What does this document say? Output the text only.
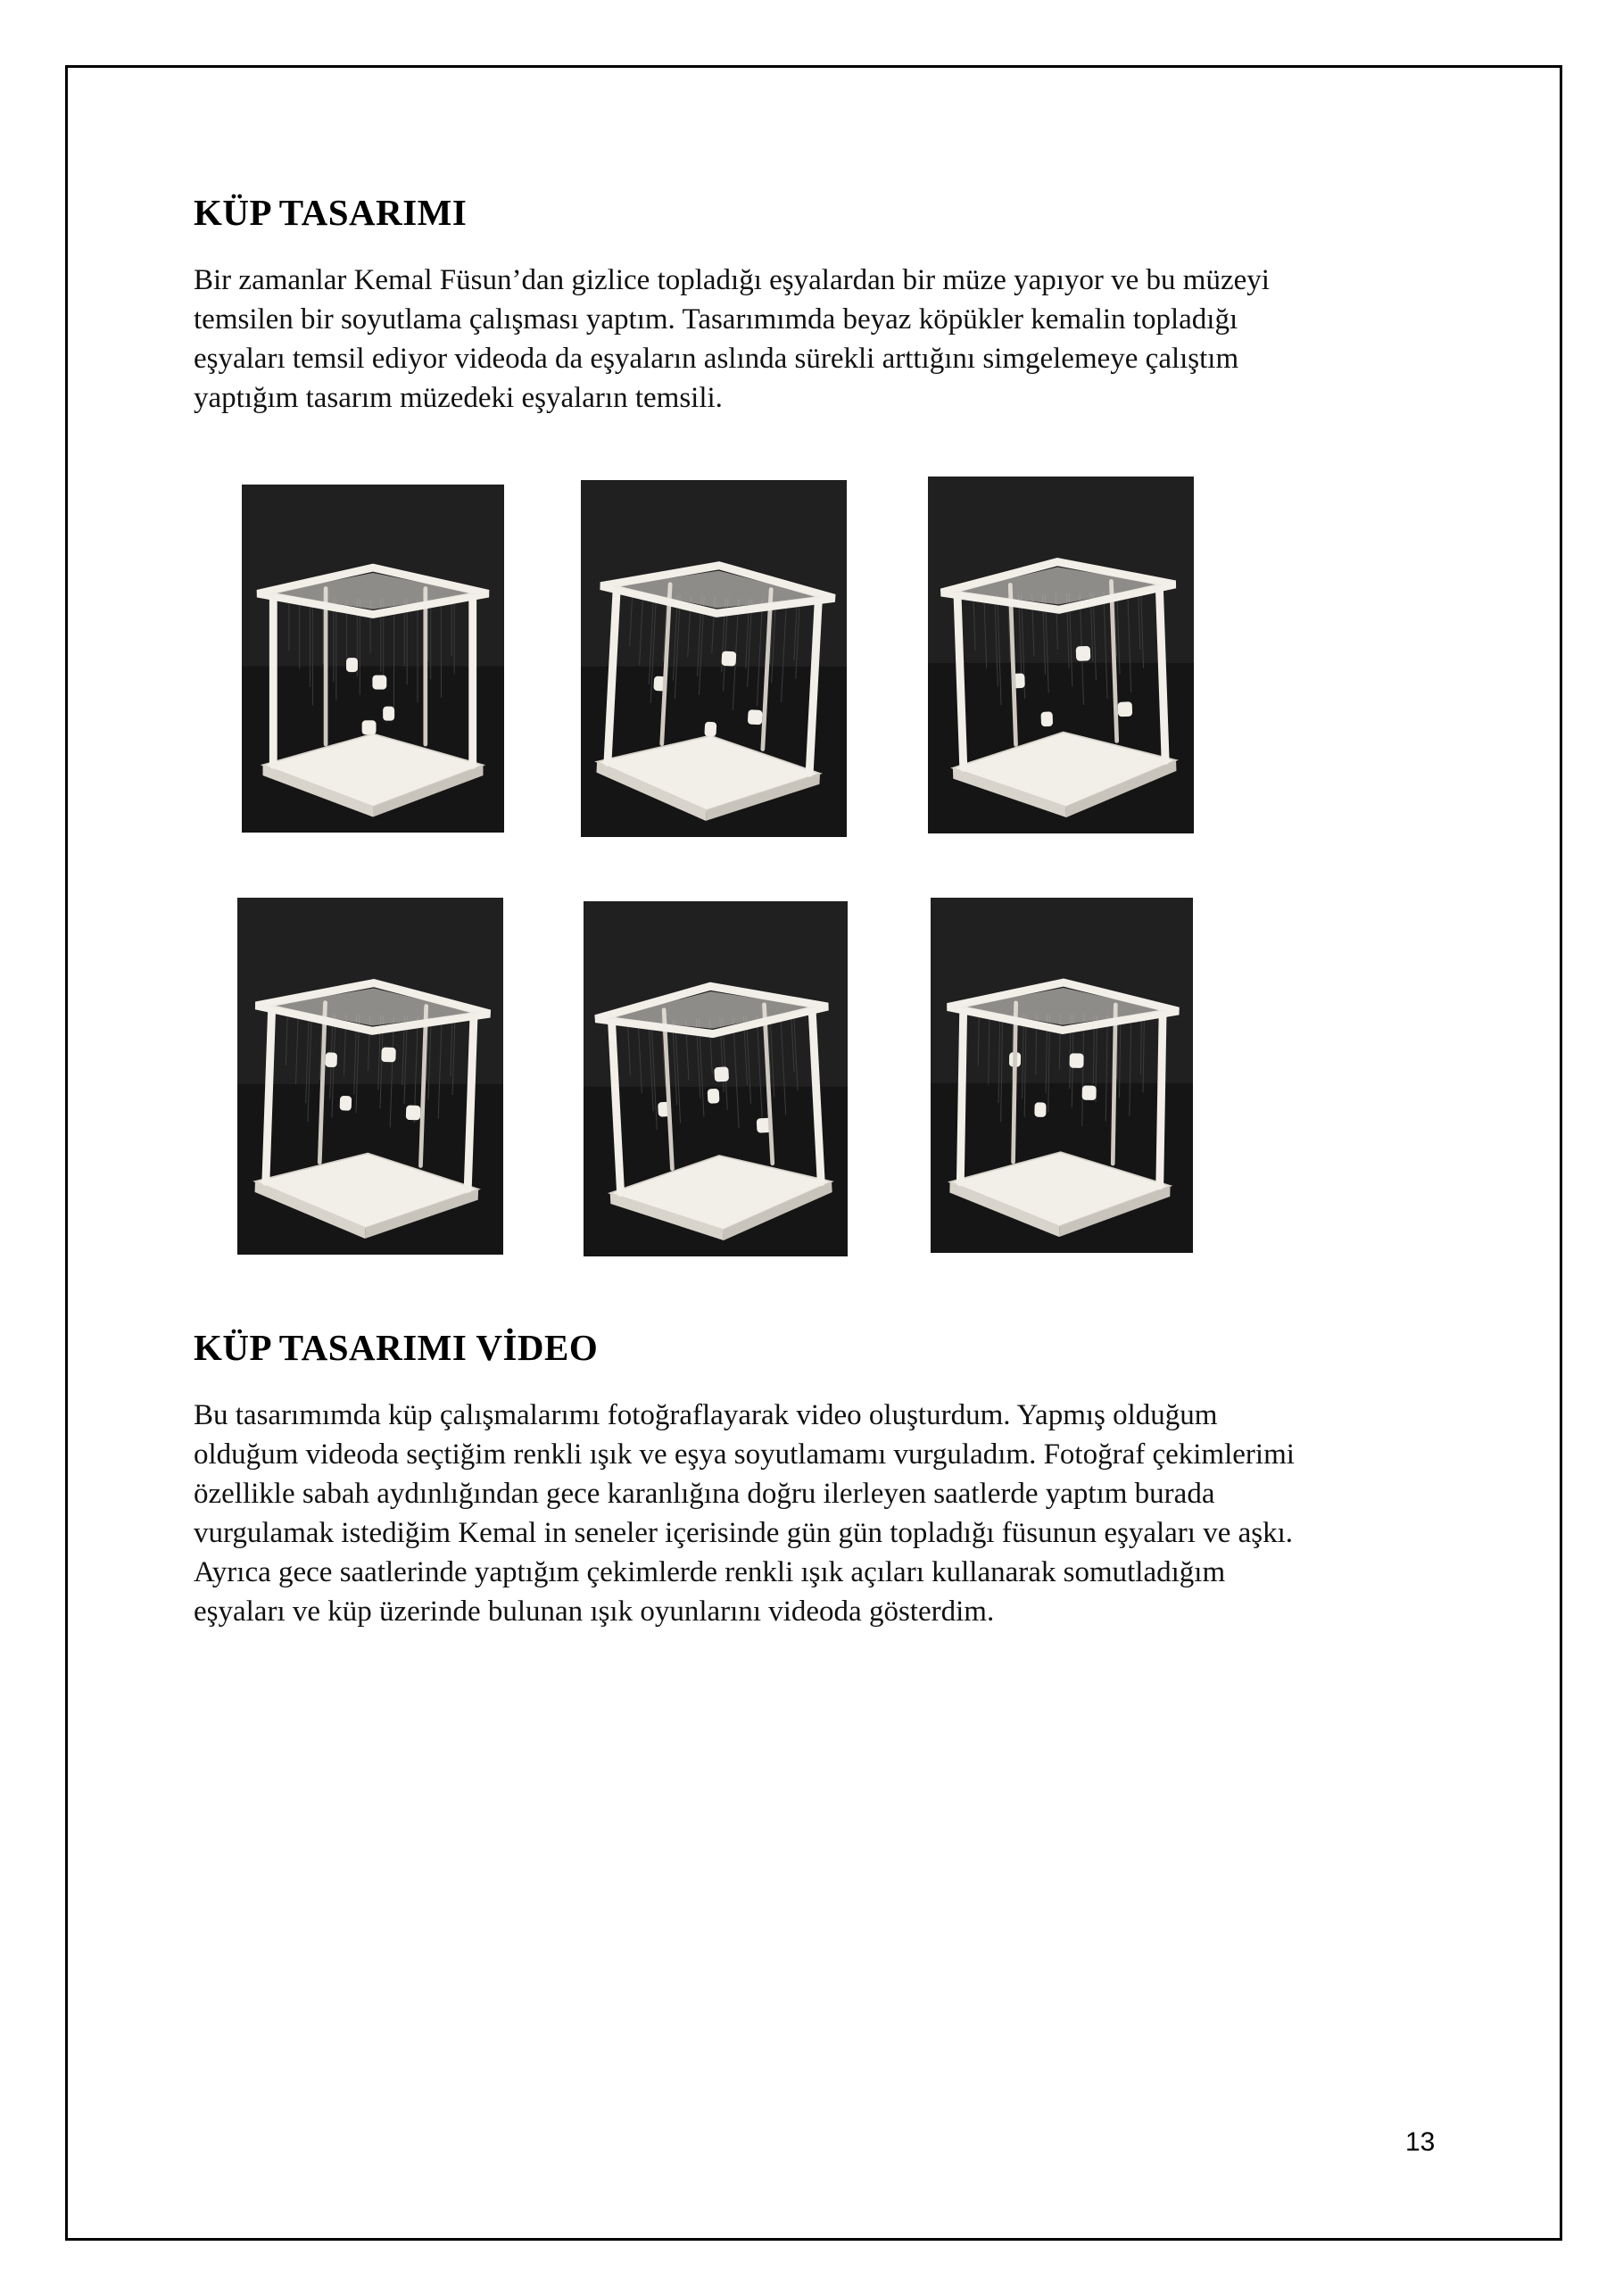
KÜP TASARIMI

Bir zamanlar Kemal Füsun’dan gizlice topladığı eşyalardan bir müze yapıyor ve bu müzeyi
temsilen bir soyutlama çalışması yaptım. Tasarımımda beyaz köpükler kemalin topladığı
eşyaları temsil ediyor videoda da eşyaların aslında sürekli arttığını simgelemeye çalıştım
yaptığım tasarım müzedeki eşyaların temsili.

KÜP TASARIMI VİDEO

Bu tasarımımda küp çalışmalarımı fotoğraflayarak video oluşturdum. Yapmış olduğum
olduğum videoda seçtiğim renkli ışık ve eşya soyutlamamı vurguladım. Fotoğraf çekimlerimi
özellikle sabah aydınlığından gece karanlığına doğru ilerleyen saatlerde yaptım burada
vurgulamak istediğim Kemal in seneler içerisinde gün gün topladığı füsunun eşyaları ve aşkı.
Ayrıca gece saatlerinde yaptığım çekimlerde renkli ışık açıları kullanarak somutladığım
eşyaları ve küp üzerinde bulunan ışık oyunlarını videoda gösterdim.

13
